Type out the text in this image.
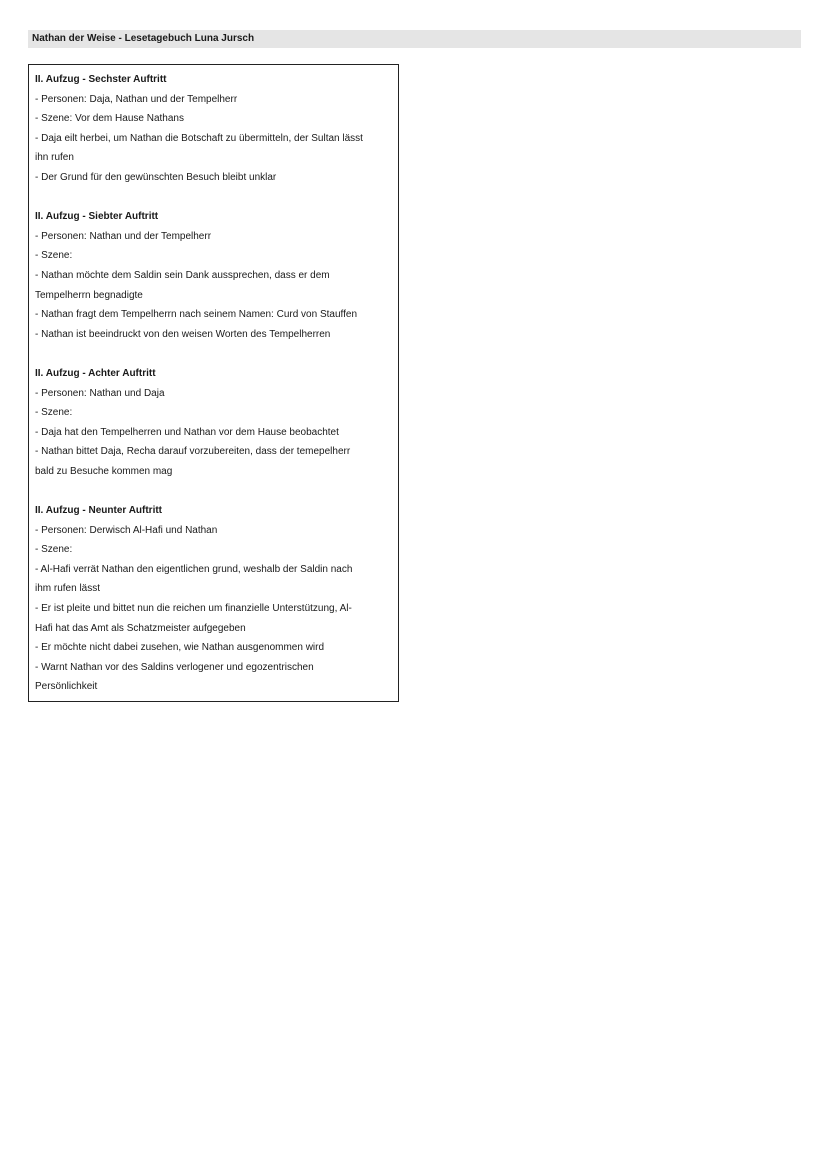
Nathan der Weise - Lesetagebuch Luna Jursch
II. Aufzug - Sechster Auftritt
- Personen: Daja, Nathan und der Tempelherr
- Szene: Vor dem Hause Nathans
- Daja eilt herbei, um Nathan die Botschaft zu übermitteln, der Sultan lässt
ihn rufen
- Der Grund für den gewünschten Besuch bleibt unklar
II. Aufzug - Siebter Auftritt
- Personen: Nathan und der Tempelherr
- Szene:
- Nathan möchte dem Saldin sein Dank aussprechen, dass er dem
Tempelherrn begnadigte
- Nathan fragt dem Tempelherrn nach seinem Namen: Curd von Stauffen
- Nathan ist beeindruckt von den weisen Worten des Tempelherren
II. Aufzug - Achter Auftritt
- Personen: Nathan und Daja
- Szene:
- Daja hat den Tempelherren und Nathan vor dem Hause beobachtet
- Nathan bittet Daja, Recha darauf vorzubereiten, dass der temepelherr
bald zu Besuche kommen mag
II. Aufzug - Neunter Auftritt
- Personen: Derwisch Al-Hafi und Nathan
- Szene:
- Al-Hafi verrät Nathan den eigentlichen grund, weshalb der Saldin nach
ihm rufen lässt
- Er ist pleite und bittet nun die reichen um finanzielle Unterstützung, Al-
Hafi hat das Amt als Schatzmeister aufgegeben
- Er möchte nicht dabei zusehen, wie Nathan ausgenommen wird
- Warnt Nathan vor des Saldins verlogener und egozentrischen
Persönlichkeit
